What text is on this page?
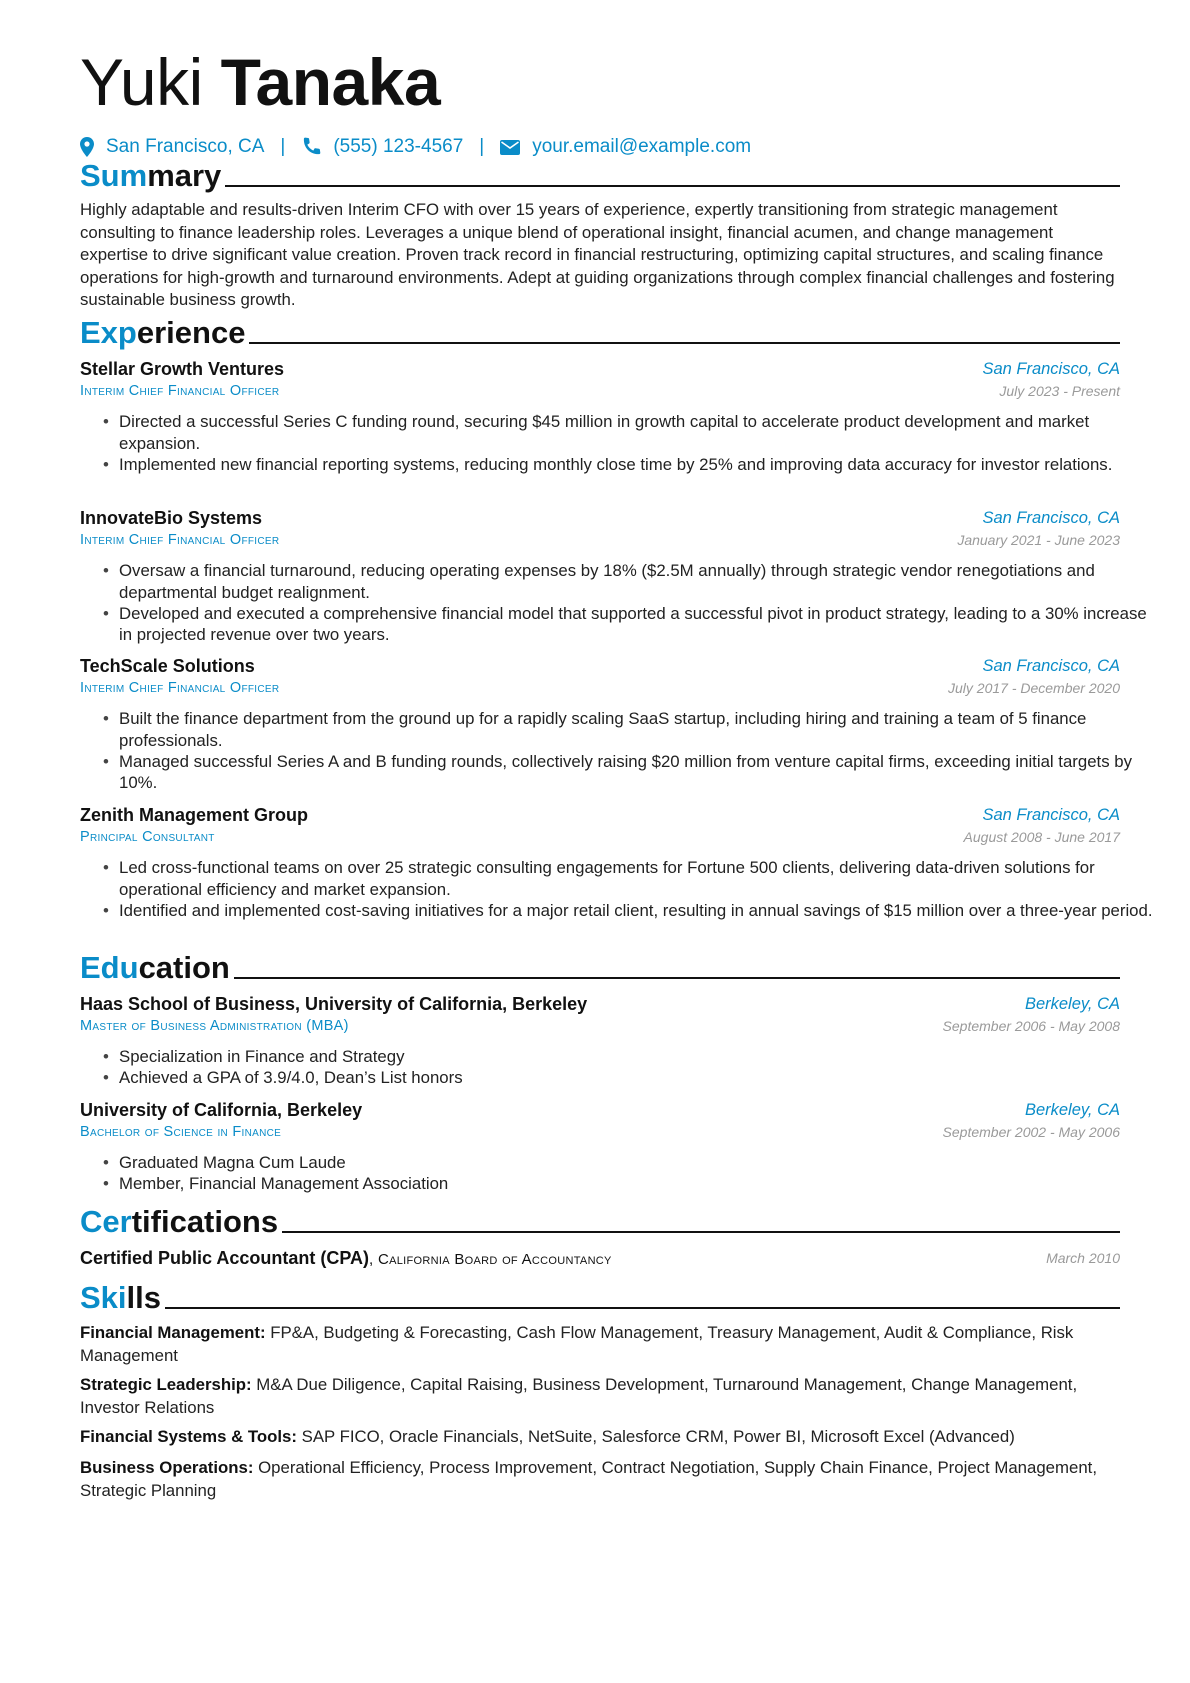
Yuki Tanaka
San Francisco, CA |	(555) 123-4567 |	your.email@example.com
Summary
Highly adaptable and results-driven Interim CFO with over 15 years of experience, expertly transitioning from strategic management consulting to finance leadership roles. Leverages a unique blend of operational insight, financial acumen, and change management expertise to drive significant value creation. Proven track record in financial restructuring, optimizing capital structures, and scaling finance operations for high-growth and turnaround environments. Adept at guiding organizations through complex financial challenges and fostering sustainable business growth.
Experience
Stellar Growth Ventures	San Francisco, CA
Interim Chief Financial Officer	July 2023 - Present
• Directed a successful Series C funding round, securing $45 million in growth capital to accelerate product development and market expansion.
• Implemented new financial reporting systems, reducing monthly close time by 25% and improving data accuracy for investor relations.
InnovateBio Systems	San Francisco, CA
Interim Chief Financial Officer	January 2021 - June 2023
• Oversaw a financial turnaround, reducing operating expenses by 18% ($2.5M annually) through strategic vendor renegotiations and departmental budget realignment.
• Developed and executed a comprehensive financial model that supported a successful pivot in product strategy, leading to a 30% increase in projected revenue over two years.
TechScale Solutions	San Francisco, CA
Interim Chief Financial Officer	July 2017 - December 2020
• Built the finance department from the ground up for a rapidly scaling SaaS startup, including hiring and training a team of 5 finance professionals.
• Managed successful Series A and B funding rounds, collectively raising $20 million from venture capital firms, exceeding initial targets by 10%.
Zenith Management Group	San Francisco, CA
Principal Consultant	August 2008 - June 2017
• Led cross-functional teams on over 25 strategic consulting engagements for Fortune 500 clients, delivering data-driven solutions for operational efficiency and market expansion.
• Identified and implemented cost-saving initiatives for a major retail client, resulting in annual savings of $15 million over a three-year period.
Education
Haas School of Business, University of California, Berkeley	Berkeley, CA
Master of Business Administration (MBA)	September 2006 - May 2008
• Specialization in Finance and Strategy
• Achieved a GPA of 3.9/4.0, Dean’s List honors
University of California, Berkeley	Berkeley, CA
Bachelor of Science in Finance	September 2002 - May 2006
• Graduated Magna Cum Laude
• Member, Financial Management Association
Certifications
Certified Public Accountant (CPA), California Board of Accountancy	March 2010
Skills
Financial Management: FP&A, Budgeting & Forecasting, Cash Flow Management, Treasury Management, Audit & Compliance, Risk Management
Strategic Leadership: M&A Due Diligence, Capital Raising, Business Development, Turnaround Management, Change Management, Investor Relations
Financial Systems & Tools: SAP FICO, Oracle Financials, NetSuite, Salesforce CRM, Power BI, Microsoft Excel (Advanced)
Business Operations: Operational Efficiency, Process Improvement, Contract Negotiation, Supply Chain Finance, Project Management, Strategic Planning
